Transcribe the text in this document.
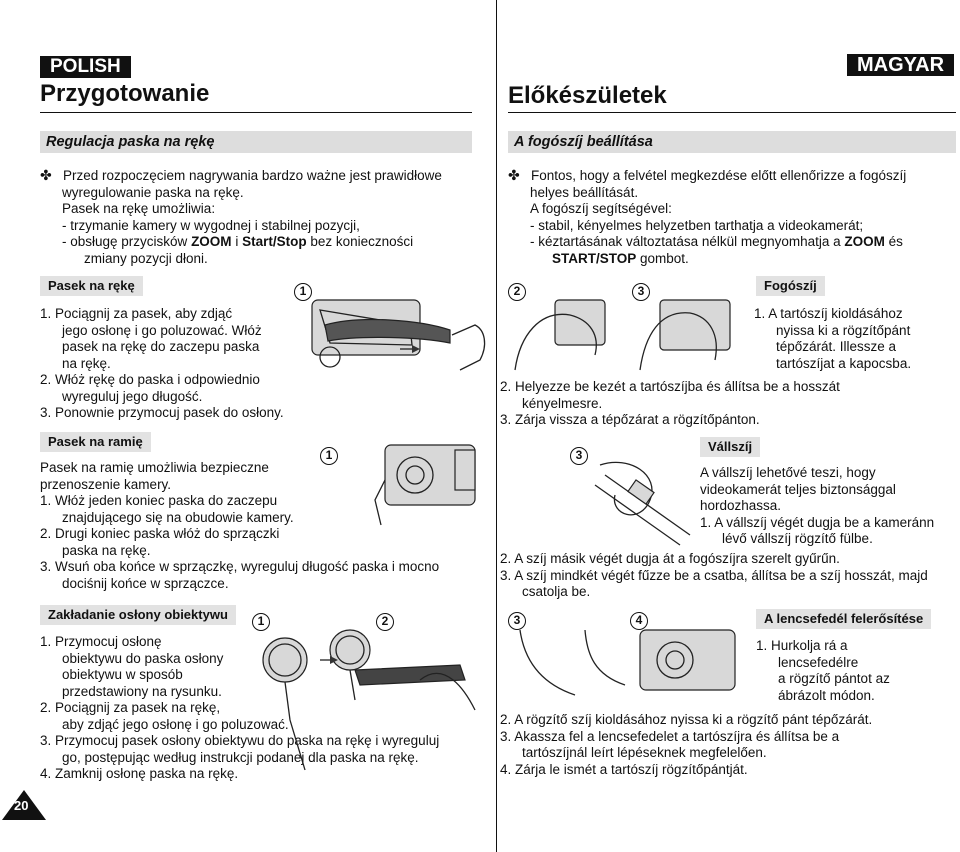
POLISH
Przygotowanie
MAGYAR
Előkészületek
Regulacja paska na rękę
✤ Przed rozpoczęciem nagrywania bardzo ważne jest prawidłowe
wyregulowanie paska na rękę.
Pasek na rękę umożliwia:
- trzymanie kamery w wygodnej i stabilnej pozycji,
- obsługę przycisków ZOOM i Start/Stop bez konieczności
zmiany pozycji dłoni.
Pasek na rękę
1. Pociągnij za pasek, aby zdjąć
jego osłonę i go poluzować. Włóż
pasek na rękę do zaczepu paska
na rękę.
2. Włóż rękę do paska i odpowiednio
wyreguluj jego długość.
3. Ponownie przymocuj pasek do osłony.
Pasek na ramię
Pasek na ramię umożliwia bezpieczne
przenoszenie kamery.
1. Włóż jeden koniec paska do zaczepu
znajdującego się na obudowie kamery.
2. Drugi koniec paska włóż do sprzączki
paska na rękę.
3. Wsuń oba końce w sprzączkę, wyreguluj długość paska i mocno
dociśnij końce w sprzączce.
Zakładanie osłony obiektywu
1. Przymocuj osłonę
obiektywu do paska osłony
obiektywu w sposób
przedstawiony na rysunku.
2. Pociągnij za pasek na rękę,
aby zdjąć jego osłonę i go poluzować.
3. Przymocuj pasek osłony obiektywu do paska na rękę i wyreguluj
go, postępując według instrukcji podanej dla paska na rękę.
4. Zamknij osłonę paska na rękę.
20
1
1
1	2
A fogószíj beállítása
✤ Fontos, hogy a felvétel megkezdése előtt ellenőrizze a fogószíj
helyes beállítását.
A fogószíj segítségével:
- stabil, kényelmes helyzetben tarthatja a videokamerát;
- kéztartásának változtatása nélkül megnyomhatja a ZOOM és
START/STOP gombot.
Fogószíj
2	3
1. A tartószíj kioldásához
nyissa ki a rögzítőpánt
tépőzárát. Illessze a
tartószíjat a kapocsba.
2. Helyezze be kezét a tartószíjba és állítsa be a hosszát
kényelmesre.
3. Zárja vissza a tépőzárat a rögzítőpánton.
Vállszíj
3
A vállszíj lehetővé teszi, hogy
videokamerát teljes biztonsággal
hordozhassa.
1. A vállszíj végét dugja be a kameránn
lévő vállszíj rögzítő fülbe.
2. A szíj másik végét dugja át a fogószíjra szerelt gyűrűn.
3. A szíj mindkét végét fűzze be a csatba, állítsa be a szíj hosszát, majd
csatolja be.
A lencsefedél felerősítése
3	4
1. Hurkolja rá a
lencsefedélre
a rögzítő pántot az
ábrázolt módon.
2. A rögzítő szíj kioldásához nyissa ki a rögzítő pánt tépőzárát.
3. Akassza fel a lencsefedelet a tartószíjra és állítsa be a
tartószíjnál leírt lépéseknek megfelelően.
4. Zárja le ismét a tartószíj rögzítőpántját.
